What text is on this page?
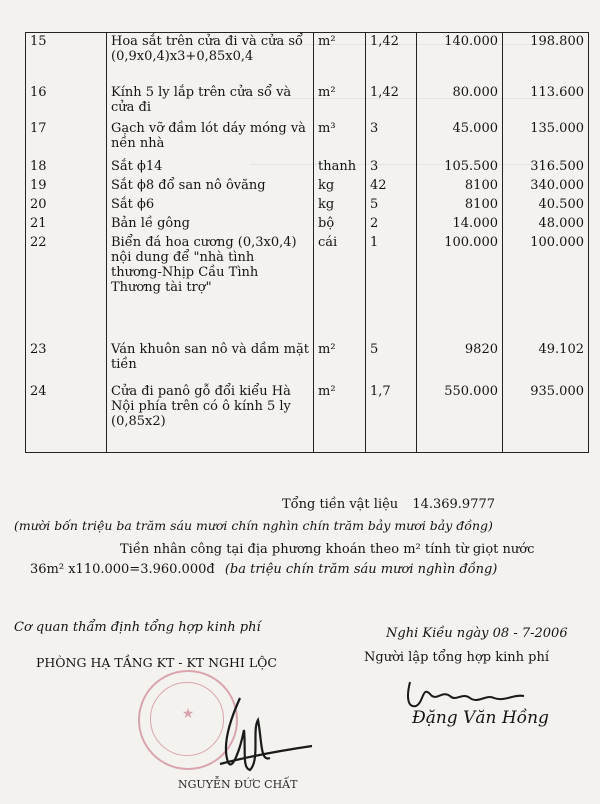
15	Hoa sắt trên cửa đi và cửa sổ (0,9x0,4)x3+0,85x0,4	m²	1,42	140.000	198.800
16	Kính 5 ly lắp trên cửa sổ và cửa đi	m²	1,42	80.000	113.600
17	Gạch vỡ đầm lót dáy móng và nền nhà	m³	3	45.000	135.000
18	Sắt ϕ14	thanh	3	105.500	316.500
19	Sắt ϕ8 đổ san nô ôvăng	kg	42	8100	340.000
20	Sắt ϕ6	kg	5	8100	40.500
21	Bản lề gông	bộ	2	14.000	48.000
22	Biển đá hoa cương (0,3x0,4) nội dung để "nhà tình thương-Nhịp Cầu Tình Thương tài trợ"	cái	1	100.000	100.000
23	Ván khuôn san nô và dầm mặt tiền	m²	5	9820	49.102
24	Cửa đi panô gỗ đổi kiểu Hà Nội phía trên có ô kính 5 ly (0,85x2)	m²	1,7	550.000	935.000
Tổng tiền vật liệu 14.369.9777
(mười bốn triệu ba trăm sáu mươi chín nghìn chín trăm bảy mươi bảy đồng)
Tiền nhân công tại địa phương khoán theo m² tính từ giọt nước
36m² x110.000=3.960.000đ (ba triệu chín trăm sáu mươi nghìn đồng)
Cơ quan thẩm định tổng hợp kinh phí
PHÒNG HẠ TẦNG KT - KT NGHI LỘC
★
NGUYỄN ĐỨC CHẤT
Nghi Kiều ngày 08 - 7-2006
Người lập tổng hợp kinh phí
Đặng Văn Hồng
